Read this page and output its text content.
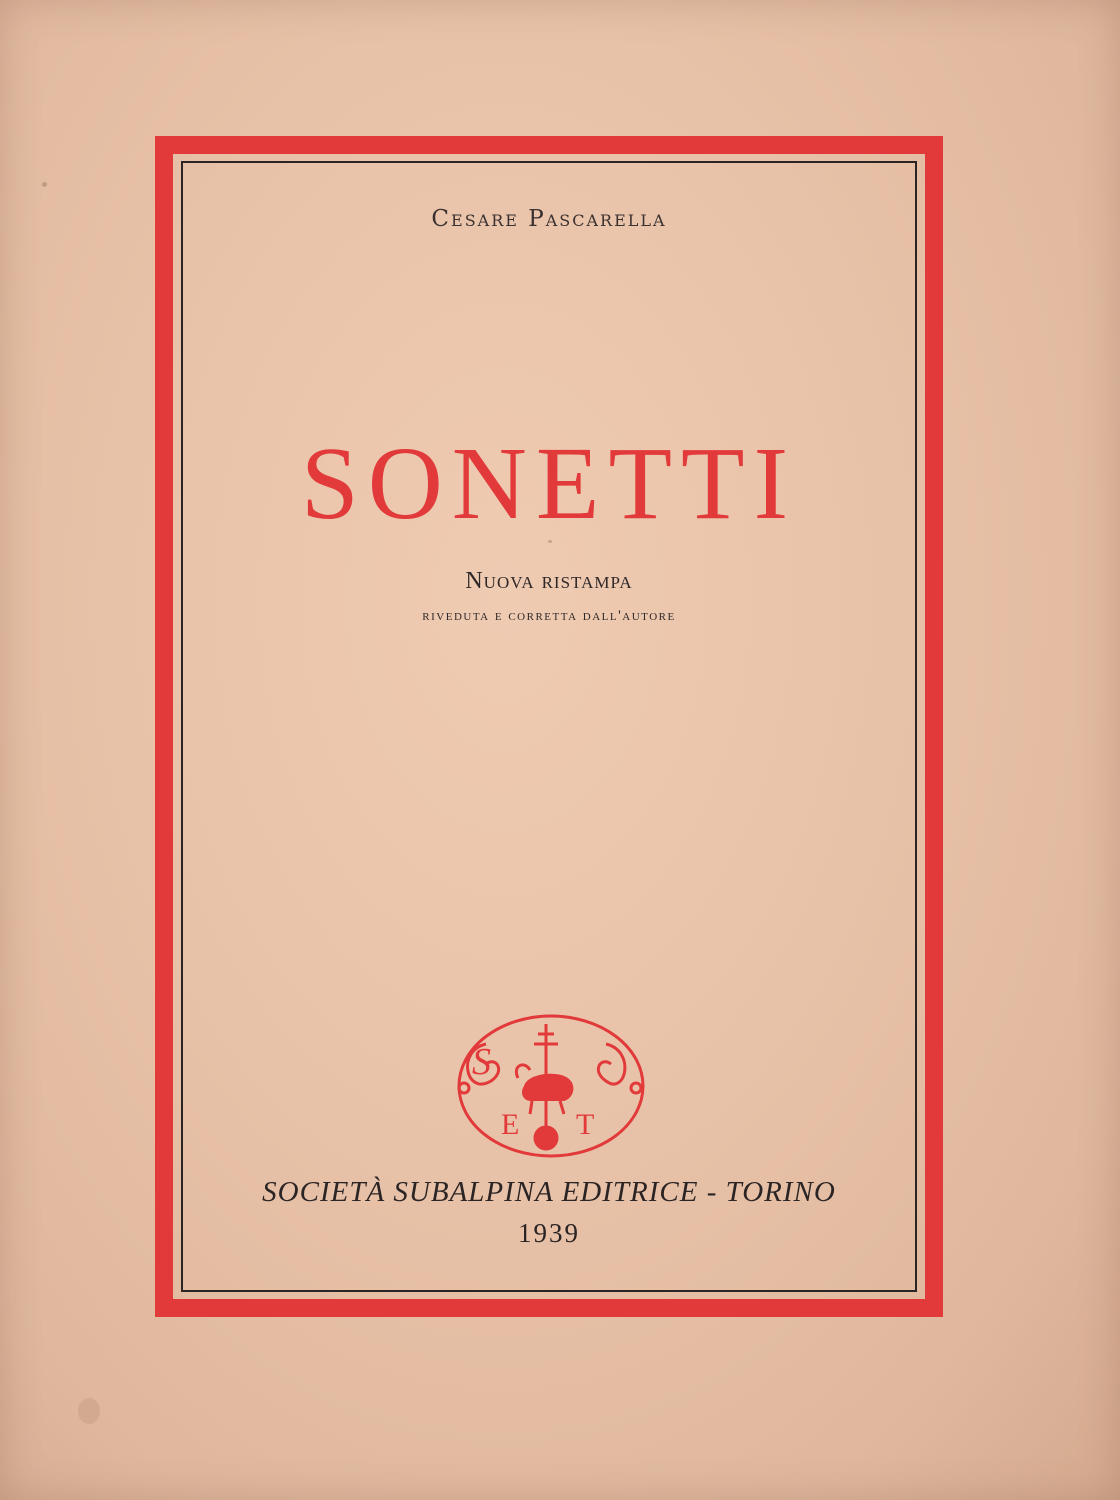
Cesare Pascarella
SONETTI
Nuova ristampa
riveduta e corretta dall'autore
S
E T
SOCIETÀ SUBALPINA EDITRICE - TORINO
1939
